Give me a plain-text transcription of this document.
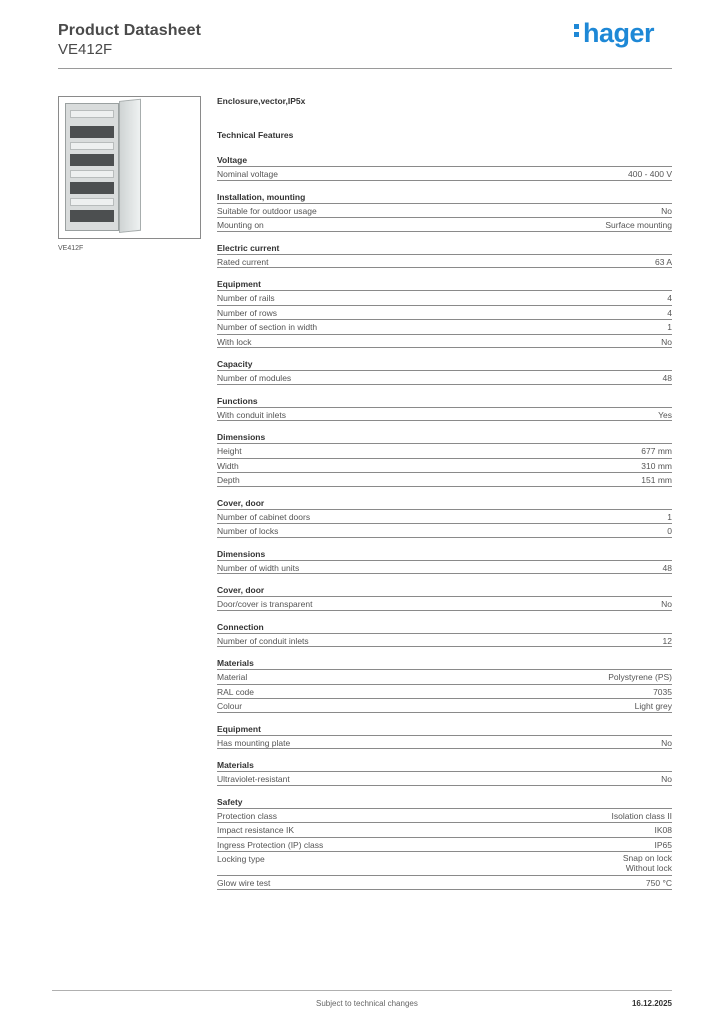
Product Datasheet
VE412F
hager
VE412F
Enclosure,vector,IP5x
Technical Features
Voltage
Nominal voltage	400 - 400 V
Installation, mounting
Suitable for outdoor usage	No
Mounting on	Surface mounting
Electric current
Rated current	63 A
Equipment
Number of rails	4
Number of rows	4
Number of section in width	1
With lock	No
Capacity
Number of modules	48
Functions
With conduit inlets	Yes
Dimensions
Height	677 mm
Width	310 mm
Depth	151 mm
Cover, door
Number of cabinet doors	1
Number of locks	0
Dimensions
Number of width units	48
Cover, door
Door/cover is transparent	No
Connection
Number of conduit inlets	12
Materials
Material	Polystyrene (PS)
RAL code	7035
Colour	Light grey
Equipment
Has mounting plate	No
Materials
Ultraviolet-resistant	No
Safety
Protection class	Isolation class II
Impact resistance IK	IK08
Ingress Protection (IP) class	IP65
Locking type	Snap on lock
Without lock
Glow wire test	750 °C
Subject to technical changes	16.12.2025
